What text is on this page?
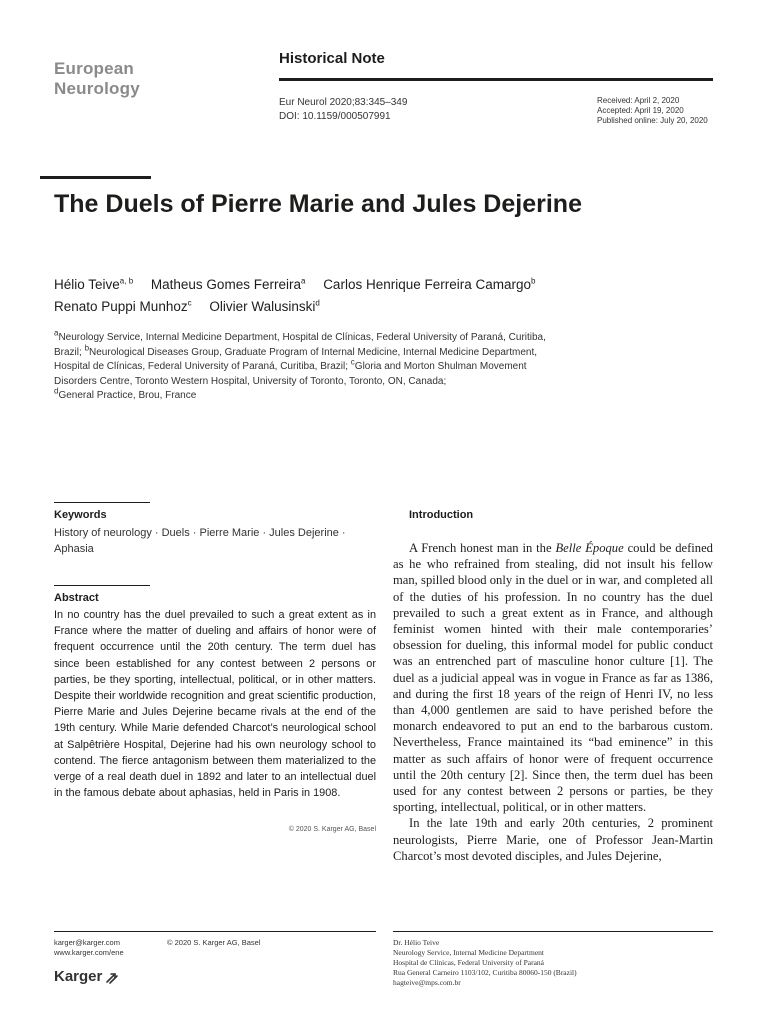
European
Neurology
Historical Note
Eur Neurol 2020;83:345–349
DOI: 10.1159/000507991
Received: April 2, 2020
Accepted: April 19, 2020
Published online: July 20, 2020
The Duels of Pierre Marie and Jules Dejerine
Hélio Teive$^{a, b}$ Matheus Gomes Ferreira$^a$ Carlos Henrique Ferreira Camargo$^b$
Renato Puppi Munhoz$^c$ Olivier Walusinski$^d$
$^a$Neurology Service, Internal Medicine Department, Hospital de Clínicas, Federal University of Paraná, Curitiba, Brazil; $^b$Neurological Diseases Group, Graduate Program of Internal Medicine, Internal Medicine Department, Hospital de Clínicas, Federal University of Paraná, Curitiba, Brazil; $^c$Gloria and Morton Shulman Movement Disorders Centre, Toronto Western Hospital, University of Toronto, Toronto, ON, Canada;
$^d$General Practice, Brou, France
Keywords
History of neurology · Duels · Pierre Marie · Jules Dejerine · Aphasia
Abstract
In no country has the duel prevailed to such a great extent as in France where the matter of dueling and affairs of honor were of frequent occurrence until the 20th century. The term duel has since been established for any contest between 2 persons or parties, be they sporting, intellectual, political, or in other matters. Despite their worldwide recognition and great scientific production, Pierre Marie and Jules Dejerine became rivals at the end of the 19th century. While Marie defended Charcot’s neurological school at Salpêtrière Hospital, Dejerine had his own neurology school to contend. The fierce antagonism between them materialized to the verge of a real death duel in 1892 and later to an intellectual duel in the famous debate about aphasias, held in Paris in 1908.
© 2020 S. Karger AG, Basel
Introduction

A French honest man in the Belle Époque could be defined as he who refrained from stealing, did not insult his fellow man, spilled blood only in the duel or in war, and completed all of the duties of his profession. In no country has the duel prevailed to such a great extent as in France, and although feminist women hinted with their male contemporaries’ obsession for dueling, this informal model for public conduct was an entrenched part of masculine honor culture [1]. The duel as a judicial appeal was in vogue in France as far as 1386, and during the first 18 years of the reign of Henri IV, no less than 4,000 gentlemen are said to have perished before the monarch endeavored to put an end to the barbarous custom. Nevertheless, France maintained its “bad eminence” in this matter as such affairs of honor were of frequent occurrence until the 20th century [2]. Since then, the term duel has been used for any contest between 2 persons or parties, be they sporting, intellectual, political, or in other matters.

In the late 19th and early 20th centuries, 2 prominent neurologists, Pierre Marie, one of Professor Jean-Martin Charcot’s most devoted disciples, and Jules Dejerine,

karger@karger.com
www.karger.com/ene
© 2020 S. Karger AG, Basel
Karger
Dr. Hélio Teive
Neurology Service, Internal Medicine Department
Hospital de Clínicas, Federal University of Paraná
Rua General Carneiro 1103/102, Curitiba 80060-150 (Brazil)
hagteive@mps.com.br
